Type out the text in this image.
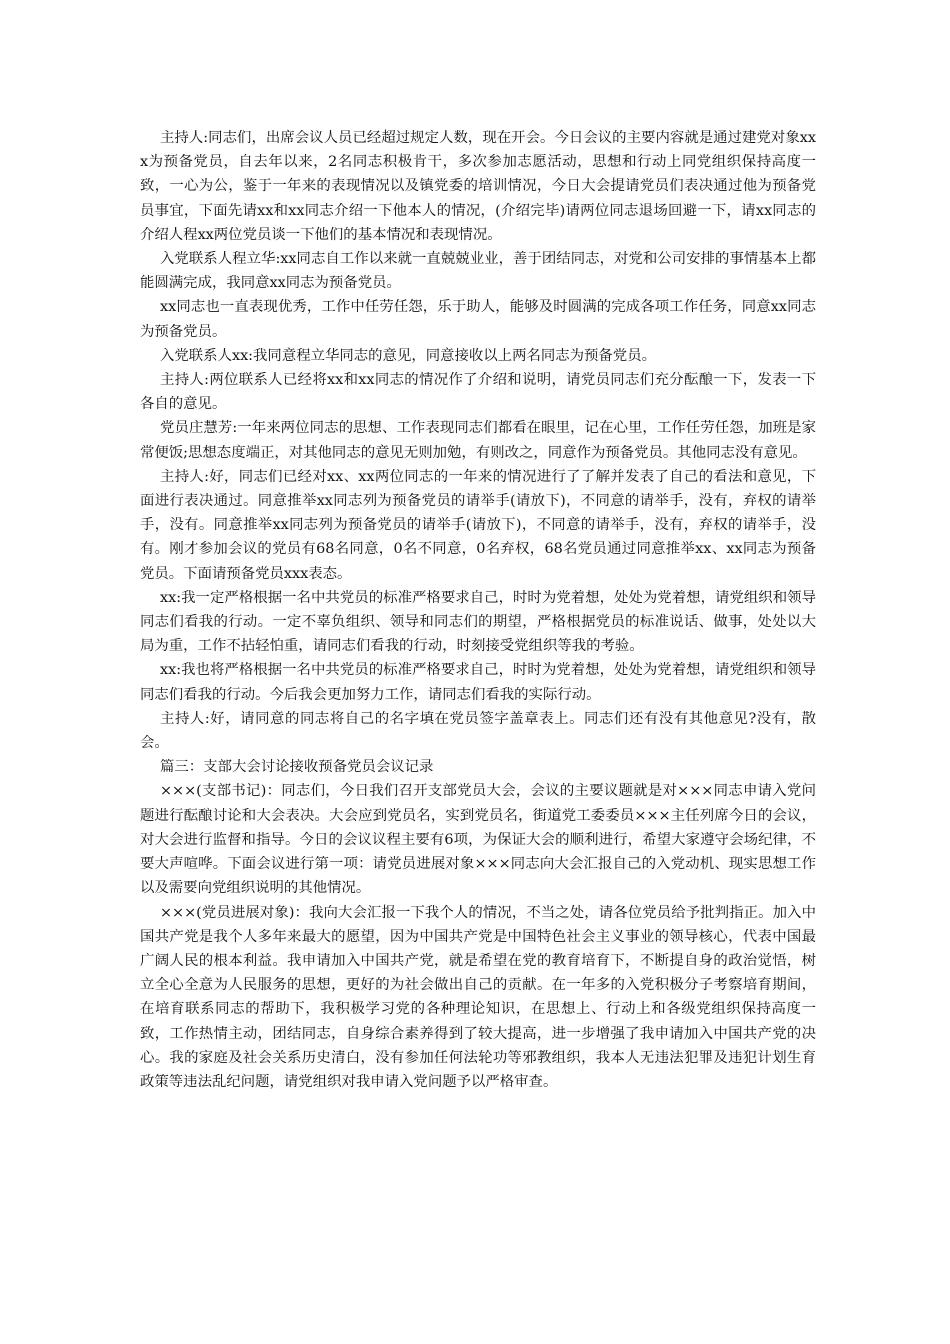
主持人:同志们，出席会议人员已经超过规定人数，现在开会。今日会议的主要内容就是通过建党对象xxx为预备党员，自去年以来，2名同志积极肯干，多次参加志愿活动，思想和行动上同党组织保持高度一致，一心为公，鉴于一年来的表现情况以及镇党委的培训情况，今日大会提请党员们表决通过他为预备党员事宜，下面先请xx和xx同志介绍一下他本人的情况，(介绍完毕)请两位同志退场回避一下，请xx同志的介绍人程xx两位党员谈一下他们的基本情况和表现情况。

入党联系人程立华:xx同志自工作以来就一直兢兢业业，善于团结同志，对党和公司安排的事情基本上都能圆满完成，我同意xx同志为预备党员。

xx同志也一直表现优秀，工作中任劳任怨，乐于助人，能够及时圆满的完成各项工作任务，同意xx同志为预备党员。

入党联系人xx:我同意程立华同志的意见，同意接收以上两名同志为预备党员。

主持人:两位联系人已经将xx和xx同志的情况作了介绍和说明，请党员同志们充分酝酿一下，发表一下各自的意见。

党员庄慧芳:一年来两位同志的思想、工作表现同志们都看在眼里，记在心里，工作任劳任怨，加班是家常便饭;思想态度端正，对其他同志的意见无则加勉，有则改之，同意作为预备党员。其他同志没有意见。

主持人:好，同志们已经对xx、xx两位同志的一年来的情况进行了了解并发表了自己的看法和意见，下面进行表决通过。同意推举xx同志列为预备党员的请举手(请放下)，不同意的请举手，没有，弃权的请举手，没有。同意推举xx同志列为预备党员的请举手(请放下)，不同意的请举手，没有，弃权的请举手，没有。刚才参加会议的党员有68名同意，0名不同意，0名弃权，68名党员通过同意推举xx、xx同志为预备党员。下面请预备党员xxx表态。

xx:我一定严格根据一名中共党员的标准严格要求自己，时时为党着想，处处为党着想，请党组织和领导同志们看我的行动。一定不辜负组织、领导和同志们的期望，严格根据党员的标准说话、做事，处处以大局为重，工作不拈轻怕重，请同志们看我的行动，时刻接受党组织等我的考验。

xx:我也将严格根据一名中共党员的标准严格要求自己，时时为党着想，处处为党着想，请党组织和领导同志们看我的行动。今后我会更加努力工作，请同志们看我的实际行动。

主持人:好，请同意的同志将自己的名字填在党员签字盖章表上。同志们还有没有其他意见?没有，散会。

篇三：支部大会讨论接收预备党员会议记录

×××(支部书记)：同志们，今日我们召开支部党员大会，会议的主要议题就是对×××同志申请入党问题进行酝酿讨论和大会表决。大会应到党员名，实到党员名，街道党工委委员×××主任列席今日的会议，对大会进行监督和指导。今日的会议议程主要有6项，为保证大会的顺利进行，希望大家遵守会场纪律，不要大声喧哗。下面会议进行第一项：请党员进展对象×××同志向大会汇报自己的入党动机、现实思想工作以及需要向党组织说明的其他情况。

×××(党员进展对象)：我向大会汇报一下我个人的情况，不当之处，请各位党员给予批判指正。加入中国共产党是我个人多年来最大的愿望，因为中国共产党是中国特色社会主义事业的领导核心，代表中国最广阔人民的根本利益。我申请加入中国共产党，就是希望在党的教育培育下，不断提自身的政治觉悟，树立全心全意为人民服务的思想，更好的为社会做出自己的贡献。在一年多的入党积极分子考察培育期间，在培育联系同志的帮助下，我积极学习党的各种理论知识，在思想上、行动上和各级党组织保持高度一致，工作热情主动，团结同志，自身综合素养得到了较大提高，进一步增强了我申请加入中国共产党的决心。我的家庭及社会关系历史清白，没有参加任何法轮功等邪教组织，我本人无违法犯罪及违犯计划生育政策等违法乱纪问题，请党组织对我申请入党问题予以严格审查。
